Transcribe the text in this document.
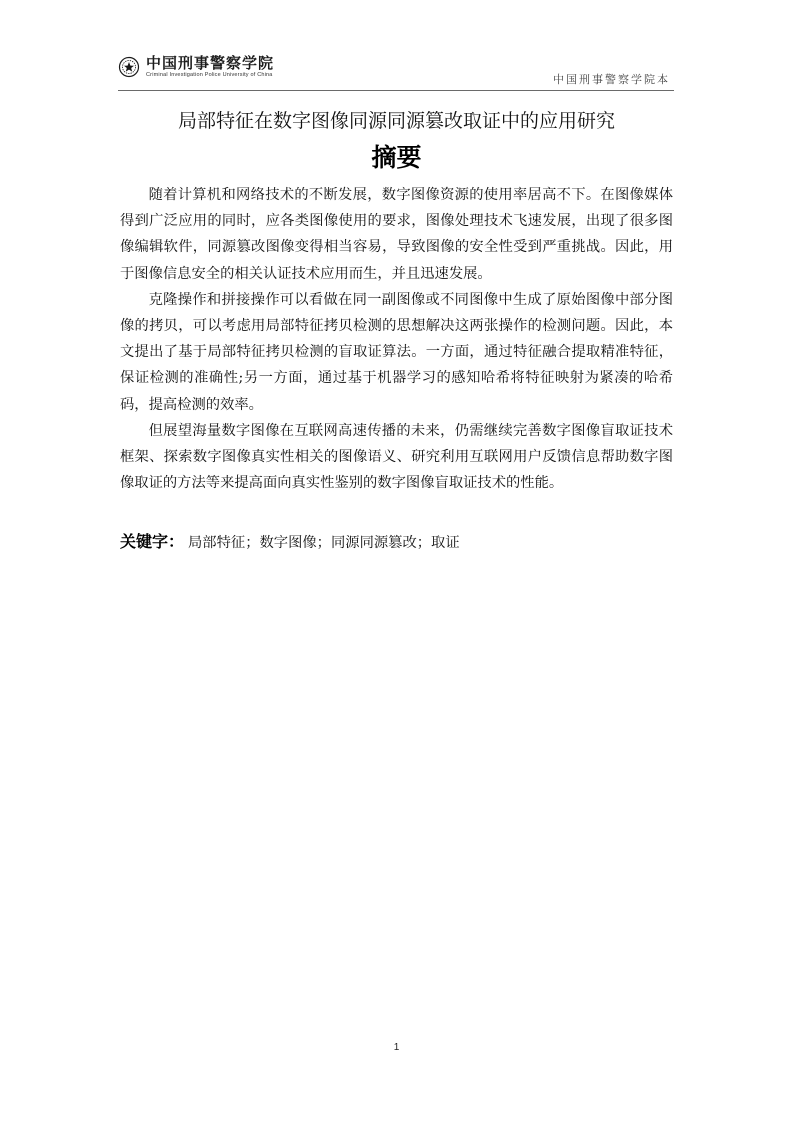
中国刑事警察学院
Criminal Investigation Police University of China	中国刑事警察学院本
局部特征在数字图像同源同源篡改取证中的应用研究
摘要

随着计算机和网络技术的不断发展，数字图像资源的使用率居高不下。在图像媒体得到广泛应用的同时，应各类图像使用的要求，图像处理技术飞速发展，出现了很多图像编辑软件，同源篡改图像变得相当容易，导致图像的安全性受到严重挑战。因此，用于图像信息安全的相关认证技术应用而生，并且迅速发展。

克隆操作和拼接操作可以看做在同一副图像或不同图像中生成了原始图像中部分图像的拷贝，可以考虑用局部特征拷贝检测的思想解决这两张操作的检测问题。因此，本文提出了基于局部特征拷贝检测的盲取证算法。一方面，通过特征融合提取精准特征，保证检测的准确性;另一方面，通过基于机器学习的感知哈希将特征映射为紧凑的哈希码，提高检测的效率。

但展望海量数字图像在互联网高速传播的未来，仍需继续完善数字图像盲取证技术框架、探索数字图像真实性相关的图像语义、研究利用互联网用户反馈信息帮助数字图像取证的方法等来提高面向真实性鉴别的数字图像盲取证技术的性能。

关键字： 局部特征；数字图像；同源同源篡改；取证
1
